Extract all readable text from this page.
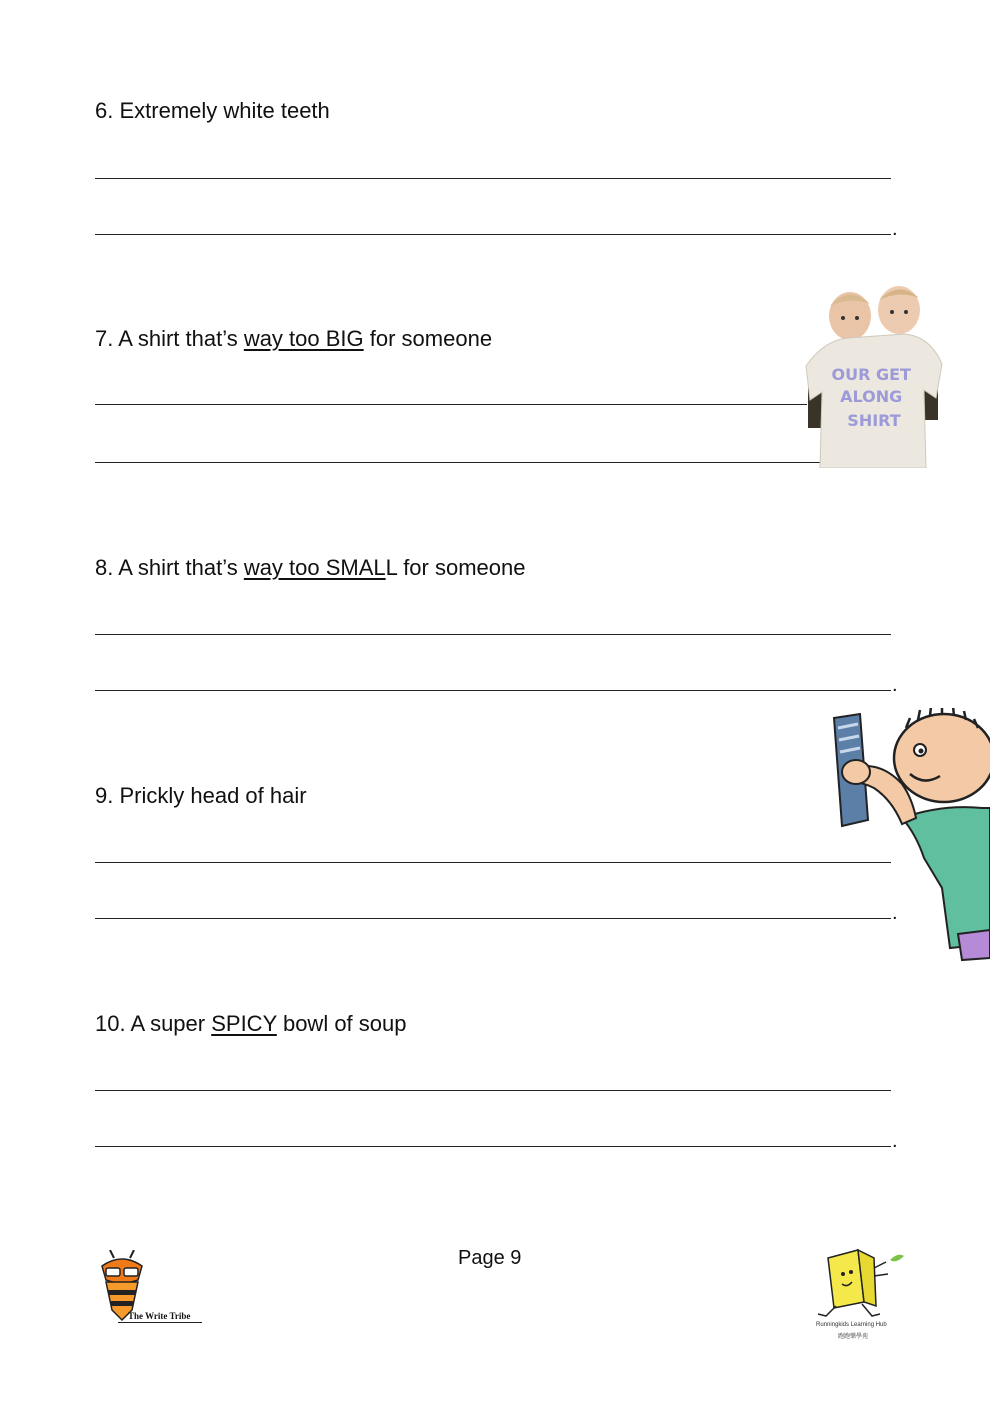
6. Extremely white teeth
.
7. A shirt that’s way too BIG for someone
OUR GET ALONG SHIRT
8. A shirt that’s way too SMALL for someone
.
9. Prickly head of hair
.
10. A super SPICY bowl of soup
.
Page 9
The Write Tribe
Runningkids Learning Hub
跑跑樂學苑
